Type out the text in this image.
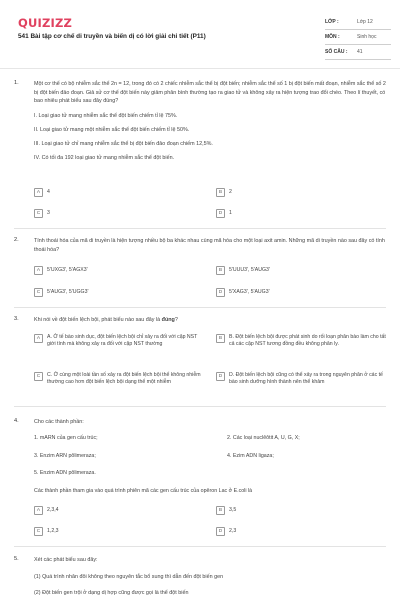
QUIZIZZ
541 Bài tập cơ chế di truyền và biến dị có lời giải chi tiết (P11)
LỚP :	Lớp 12
MÔN :	Sinh học
SỐ CÂU :	41
1.	Một cơ thể có bộ nhiễm sắc thể 2n = 12, trong đó có 2 chiếc nhiễm sắc thể bị đột biến; nhiễm sắc thể số 1 bị đột biến mất đoạn, nhiễm sắc thể số 2 bị đột biến đảo đoạn. Giả sử cơ thể đột biến này giảm phân bình thường tạo ra giao tử và không xảy ra hiện tượng trao đổi chéo. Theo lí thuyết, có bao nhiêu phát biểu sau đây đúng?

I. Loại giao tử mang nhiễm sắc thể đột biến chiếm tỉ lệ 75%.

II. Loại giao tử mang một nhiễm sắc thể đột biến chiếm tỉ lệ 50%.

III. Loại giao tử chỉ mang nhiễm sắc thể bị đột biến đảo đoạn chiếm 12,5%.

IV. Có tối đa 192 loại giao tử mang nhiễm sắc thể đột biến.

A	4	B	2
C	3	D	1
2.	Tính thoái hóa của mã di truyền là hiện tượng nhiều bộ ba khác nhau cùng mã hóa cho một loại axit amin. Những mã di truyền nào sau đây có tính thoái hóa?

A	5'UXG3', 5'AGX3'	B	5'UUU3', 5'AUG3'
C	5'AUG3', 5'UGG3'	D	5'XAG3', 5'AUG3'
3.	Khi nói về đột biến lệch bội, phát biểu nào sau đây là đúng?

A	A. Ở tế bào sinh dục, đột biến lệch bội chỉ xảy ra đối với cặp NST giới tính mà không xảy ra đối với cặp NST thường
B	B. Đột biến lệch bội được phát sinh do rối loạn phân bào làm cho tất cả các cặp NST tương đồng đều không phân ly.
C	C. Ở cùng một loài tần số xảy ra đột biến lệch bội thể không nhiễm thường cao hơn đột biến lệch bội dạng thể một nhiễm
D	D. Đột biến lệch bội cũng có thể xảy ra trong nguyên phân ở các tế bào sinh dưỡng hình thành nên thể khảm
4.	Cho các thành phần:

1. mARN của gen cấu trúc;	2. Các loại nuclêôtit A, U, G, X;
3. Enzim ARN pôlimeraza;	4. Ezim ADN ligaza;
5. Enzim ADN pôlimeraza.
Các thành phần tham gia vào quá trình phiên mã các gen cấu trúc của opêron Lac ở E.coli là
A	2,3,4	B	3,5
C	1,2,3	D	2,3
5.	Xét các phát biểu sau đây:

(1) Quá trình nhân đôi không theo nguyên tắc bổ sung thì dẫn đến đột biến gen

(2) Đột biến gen trội ở dạng dị hợp cũng được gọi là thể đột biến
